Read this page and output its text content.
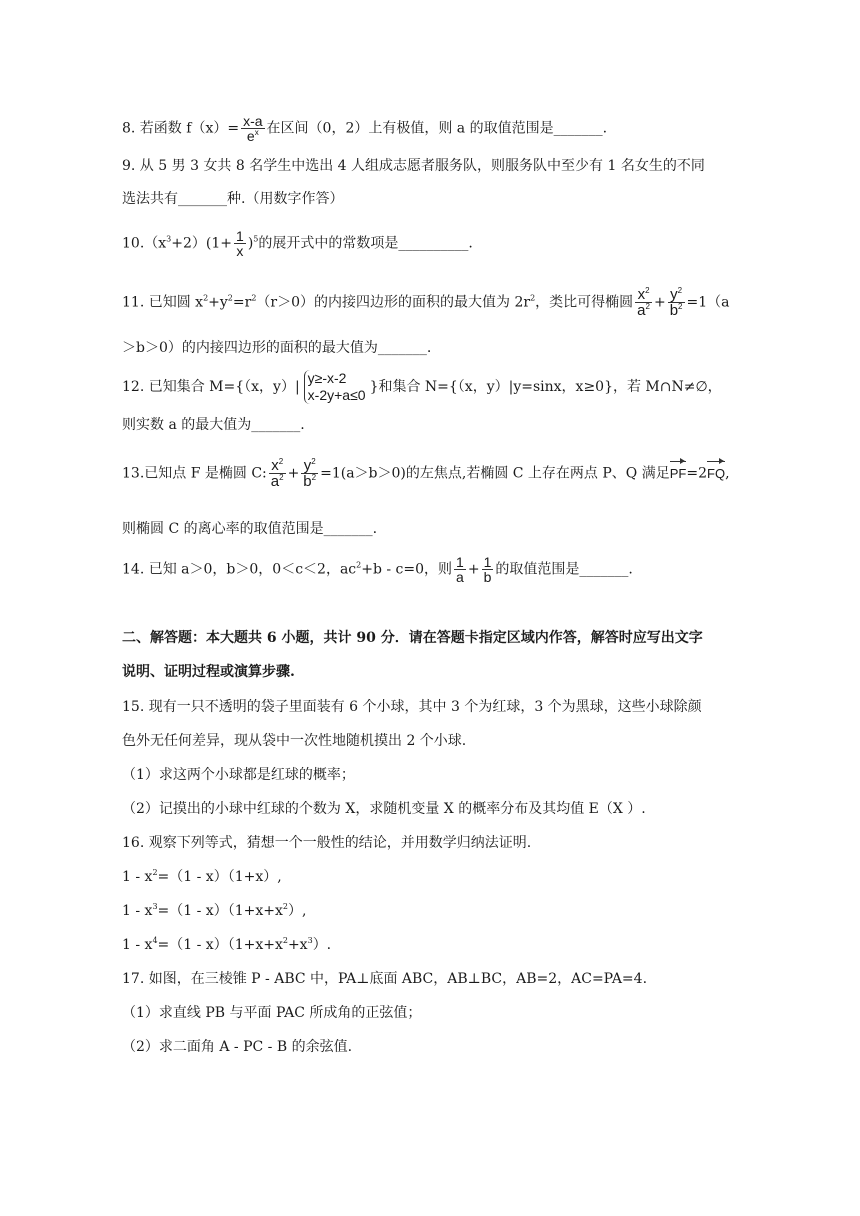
8. 若函数 $f(x)= \frac{x-a}{e^x}$ 在区间（0，2）上有极值，则 a 的取值范围是_______.
9. 从 5 男 3 女共 8 名学生中选出 4 人组成志愿者服务队，则服务队中至少有 1 名女生的不同
选法共有_______种.（用数字作答）
$10.(x^3+2)(1+ \frac{1}{x} )^5$的展开式中的常数项是__________.
11. 已知圆 $x^2+y^2=r^2(r>0)$的内接四边形的面积的最大值为 $2r^2$，类比可得椭圆 $\frac{x^2}{a^2} + \frac{y^2}{b^2} =1(a$
＞b＞0）的内接四边形的面积的最大值为_______.
12. 已知集合 M={（x，y）|
y≥-x-2
x-2y+a≤0 }和集合 N={（x，y）|y=sinx，x≥0}，若 M∩N≠∅，
则实数 a 的最大值为_______.
13.已知点 F 是椭圆 C: $\frac{x^2}{a^2} + \frac{y^2}{b^2} =1(a>b>0)$的左焦点,若椭圆 C 上存在两点 P、Q 满足PF=2FQ,
则椭圆 C 的离心率的取值范围是_______.
14. 已知 a＞0，b＞0，0＜c＜2，$ac^2+b - c=0$，则 $\frac{1}{a} + \frac{1}{b}$ 的取值范围是_______.
二、解答题：本大题共 6 小题，共计 90 分．请在答题卡指定区域内作答，解答时应写出文字
说明、证明过程或演算步骤.
15. 现有一只不透明的袋子里面装有 6 个小球，其中 3 个为红球，3 个为黑球，这些小球除颜
色外无任何差异，现从袋中一次性地随机摸出 2 个小球.
（1）求这两个小球都是红球的概率；
（2）记摸出的小球中红球的个数为 X，求随机变量 X 的概率分布及其均值 E（X ）.
16. 观察下列等式，猜想一个一般性的结论，并用数学归纳法证明.
$1 - x^2=(1 - x)(1+x)$,
$1 - x^3=(1 - x)(1+x+x^2)$,
$1 - x^4=(1 - x)(1+x+x^2+x^3)$.
17. 如图，在三棱锥 P - ABC 中，PA⊥底面 ABC，AB⊥BC，AB=2，AC=PA=4.
（1）求直线 PB 与平面 PAC 所成角的正弦值；
（2）求二面角 A - PC - B 的余弦值.
